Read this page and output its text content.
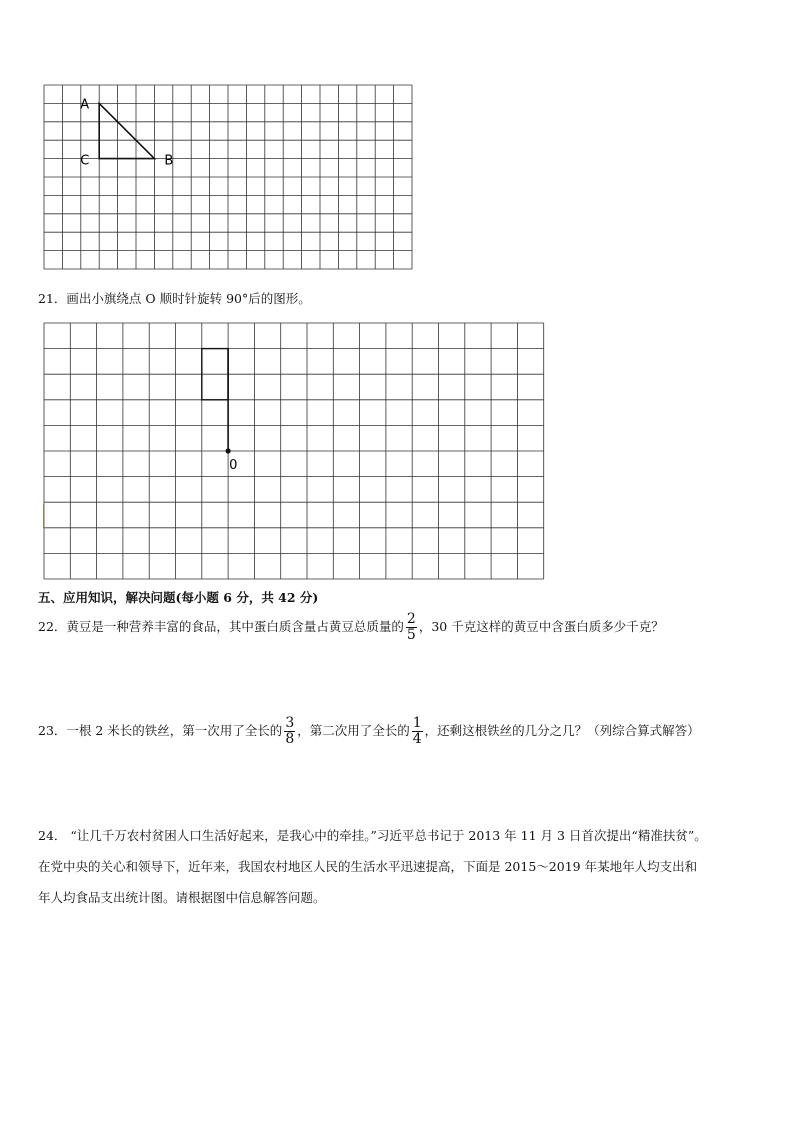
A
B
C
21．画出小旗绕点 O 顺时针旋转 90°后的图形。
0
五、应用知识，解决问题(每小题 6 分，共 42 分)
22．黄豆是一种营养丰富的食品，其中蛋白质含量占黄豆总质量的 $\frac{2}{5}$ ，30 千克这样的黄豆中含蛋白质多少千克？
23．一根 2 米长的铁丝，第一次用了全长的 $\frac{3}{8}$ ，第二次用了全长的 $\frac{1}{4}$ ，还剩这根铁丝的几分之几？（列综合算式解答）
24． “让几千万农村贫困人口生活好起来，是我心中的牵挂。”习近平总书记于 2013 年 11 月 3 日首次提出“精准扶贫”。
在党中央的关心和领导下，近年来，我国农村地区人民的生活水平迅速提高，下面是 2015～2019 年某地年人均支出和
年人均食品支出统计图。请根据图中信息解答问题。
